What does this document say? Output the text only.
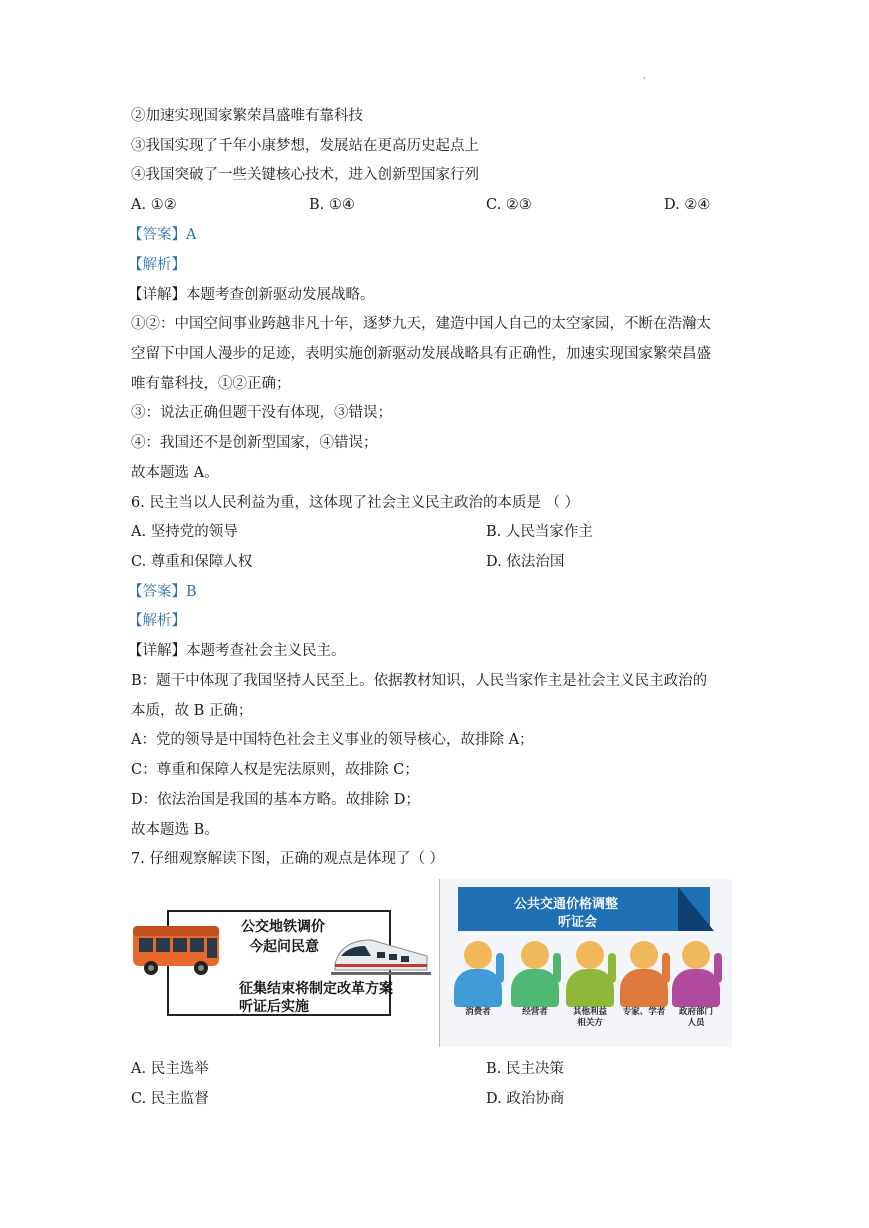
·
②加速实现国家繁荣昌盛唯有靠科技
③我国实现了千年小康梦想，发展站在更高历史起点上
④我国突破了一些关键核心技术，进入创新型国家行列
A. ①②	B. ①④	C. ②③	D. ②④
【答案】A
【解析】
【详解】本题考查创新驱动发展战略。
①②：中国空间事业跨越非凡十年，逐梦九天，建造中国人自己的太空家园，不断在浩瀚太
空留下中国人漫步的足迹，表明实施创新驱动发展战略具有正确性，加速实现国家繁荣昌盛
唯有靠科技，①②正确；
③：说法正确但题干没有体现，③错误；
④：我国还不是创新型国家，④错误；
故本题选 A。
6. 民主当以人民利益为重，这体现了社会主义民主政治的本质是 （ ）
A. 坚持党的领导	B. 人民当家作主
C. 尊重和保障人权	D. 依法治国
【答案】B
【解析】
【详解】本题考查社会主义民主。
B：题干中体现了我国坚持人民至上。依据教材知识，人民当家作主是社会主义民主政治的
本质，故 B 正确；
A：党的领导是中国特色社会主义事业的领导核心，故排除 A；
C：尊重和保障人权是宪法原则，故排除 C；
D：依法治国是我国的基本方略。故排除 D；
故本题选 B。
7. 仔细观察解读下图，正确的观点是体现了（ ）
公交地铁调价
今起问民意
征集结束将制定改革方案
听证后实施
公共交通价格调整
听证会
消费者	经营者	其他利益
相关方
专家、学者	政府部门
人员
A. 民主选举	B. 民主决策
C. 民主监督	D. 政治协商
